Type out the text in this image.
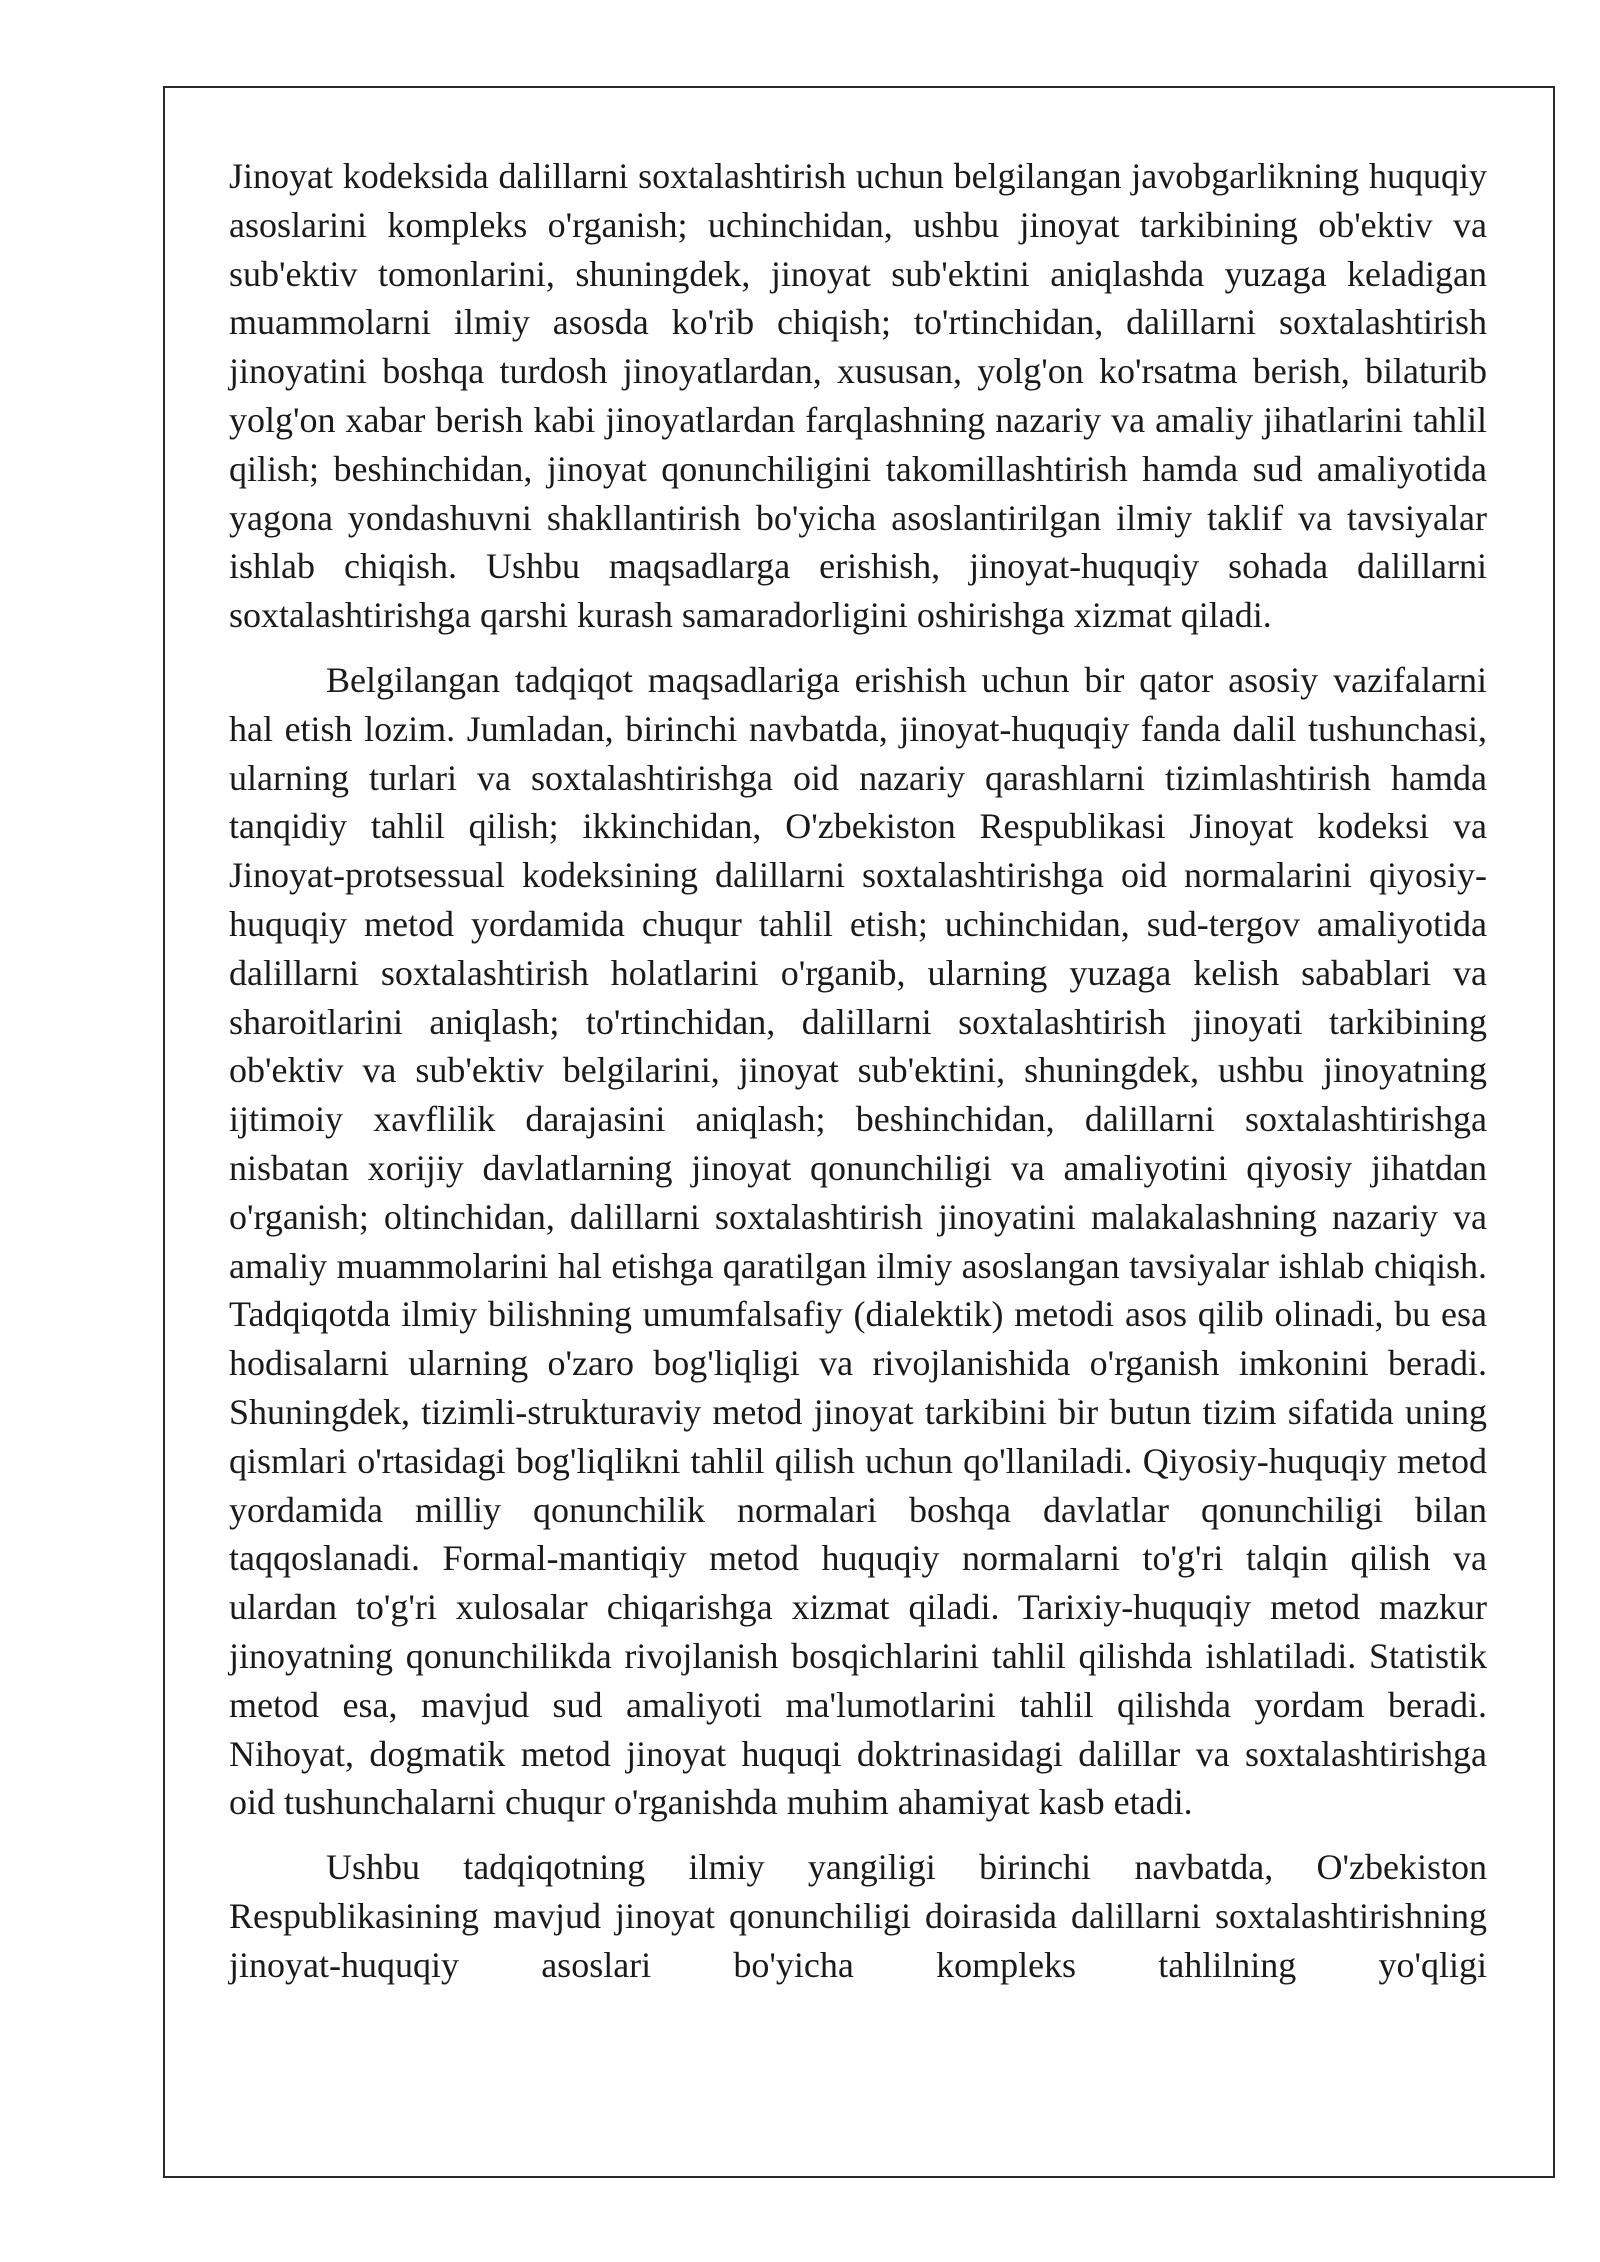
Jinoyat kodeksida dalillarni soxtalashtirish uchun belgilangan javobgarlikning huquqiy asoslarini kompleks o'rganish; uchinchidan, ushbu jinoyat tarkibining ob'ektiv va sub'ektiv tomonlarini, shuningdek, jinoyat sub'ektini aniqlashda yuzaga keladigan muammolarni ilmiy asosda ko'rib chiqish; to'rtinchidan, dalillarni soxtalashtirish jinoyatini boshqa turdosh jinoyatlardan, xususan, yolg'on ko'rsatma berish, bilaturib yolg'on xabar berish kabi jinoyatlardan farqlashning nazariy va amaliy jihatlarini tahlil qilish; beshinchidan, jinoyat qonunchiligini takomillashtirish hamda sud amaliyotida yagona yondashuvni shakllantirish bo'yicha asoslantirilgan ilmiy taklif va tavsiyalar ishlab chiqish. Ushbu maqsadlarga erishish, jinoyat-huquqiy sohada dalillarni soxtalashtirishga qarshi kurash samaradorligini oshirishga xizmat qiladi.

Belgilangan tadqiqot maqsadlariga erishish uchun bir qator asosiy vazifalarni hal etish lozim. Jumladan, birinchi navbatda, jinoyat-huquqiy fanda dalil tushunchasi, ularning turlari va soxtalashtirishga oid nazariy qarashlarni tizimlashtirish hamda tanqidiy tahlil qilish; ikkinchidan, O'zbekiston Respublikasi Jinoyat kodeksi va Jinoyat-protsessual kodeksining dalillarni soxtalashtirishga oid normalarini qiyosiy-huquqiy metod yordamida chuqur tahlil etish; uchinchidan, sud-tergov amaliyotida dalillarni soxtalashtirish holatlarini o'rganib, ularning yuzaga kelish sabablari va sharoitlarini aniqlash; to'rtinchidan, dalillarni soxtalashtirish jinoyati tarkibining ob'ektiv va sub'ektiv belgilarini, jinoyat sub'ektini, shuningdek, ushbu jinoyatning ijtimoiy xavflilik darajasini aniqlash; beshinchidan, dalillarni soxtalashtirishga nisbatan xorijiy davlatlarning jinoyat qonunchiligi va amaliyotini qiyosiy jihatdan o'rganish; oltinchidan, dalillarni soxtalashtirish jinoyatini malakalashning nazariy va amaliy muammolarini hal etishga qaratilgan ilmiy asoslangan tavsiyalar ishlab chiqish. Tadqiqotda ilmiy bilishning umumfalsafiy (dialektik) metodi asos qilib olinadi, bu esa hodisalarni ularning o'zaro bog'liqligi va rivojlanishida o'rganish imkonini beradi. Shuningdek, tizimli-strukturaviy metod jinoyat tarkibini bir butun tizim sifatida uning qismlari o'rtasidagi bog'liqlikni tahlil qilish uchun qo'llaniladi. Qiyosiy-huquqiy metod yordamida milliy qonunchilik normalari boshqa davlatlar qonunchiligi bilan taqqoslanadi. Formal-mantiqiy metod huquqiy normalarni to'g'ri talqin qilish va ulardan to'g'ri xulosalar chiqarishga xizmat qiladi. Tarixiy-huquqiy metod mazkur jinoyatning qonunchilikda rivojlanish bosqichlarini tahlil qilishda ishlatiladi. Statistik metod esa, mavjud sud amaliyoti ma'lumotlarini tahlil qilishda yordam beradi. Nihoyat, dogmatik metod jinoyat huquqi doktrinasidagi dalillar va soxtalashtirishga oid tushunchalarni chuqur o'rganishda muhim ahamiyat kasb etadi.

Ushbu tadqiqotning ilmiy yangiligi birinchi navbatda, O'zbekiston Respublikasining mavjud jinoyat qonunchiligi doirasida dalillarni soxtalashtirishning jinoyat-huquqiy asoslari bo'yicha kompleks tahlilning yo'qligi
